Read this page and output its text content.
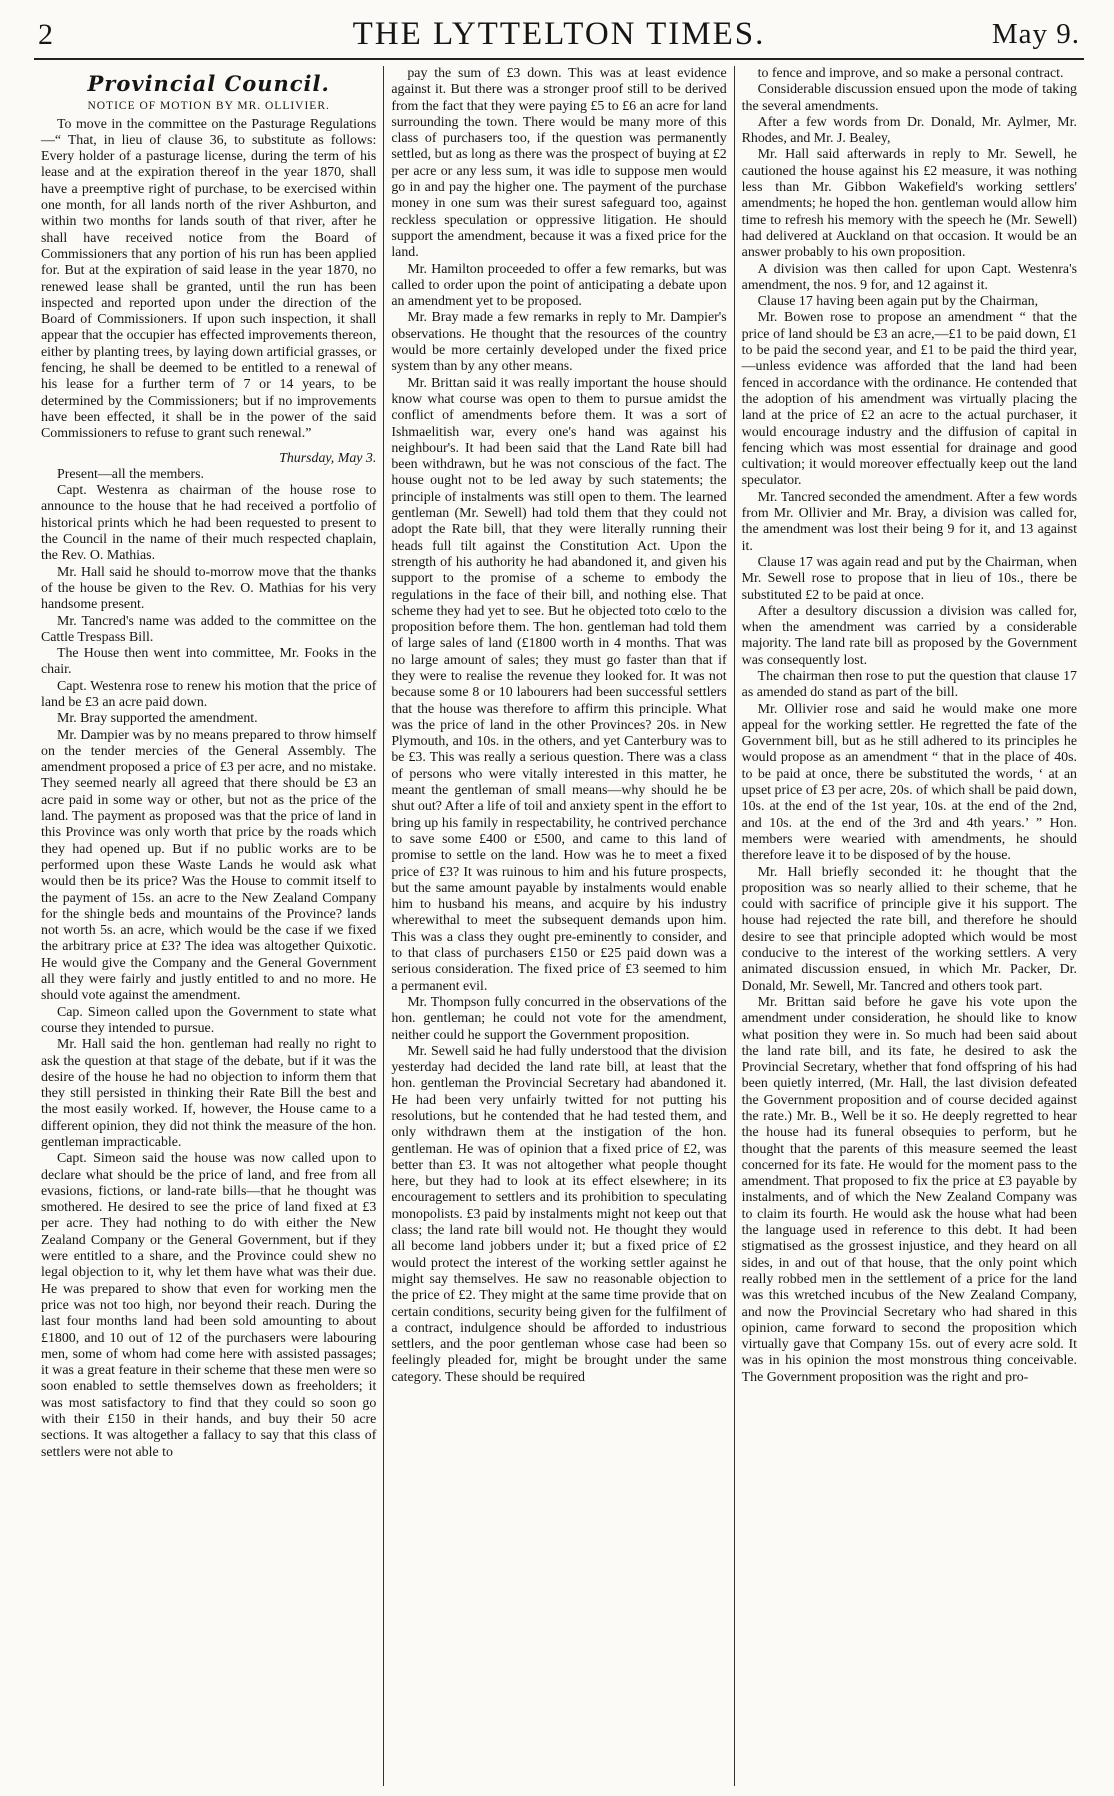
2	THE LYTTELTON TIMES.	May 9.
Provincial Council.
NOTICE OF MOTION BY MR. OLLIVIER.

To move in the committee on the Pasturage Regulations—“ That, in lieu of clause 36, to substitute as follows: Every holder of a pasturage license, during the term of his lease and at the expiration thereof in the year 1870, shall have a preemptive right of purchase, to be exercised within one month, for all lands north of the river Ashburton, and within two months for lands south of that river, after he shall have received notice from the Board of Commissioners that any portion of his run has been applied for. But at the expiration of said lease in the year 1870, no renewed lease shall be granted, until the run has been inspected and reported upon under the direction of the Board of Commissioners. If upon such inspection, it shall appear that the occupier has effected improvements thereon, either by planting trees, by laying down artificial grasses, or fencing, he shall be deemed to be entitled to a renewal of his lease for a further term of 7 or 14 years, to be determined by the Commissioners; but if no improvements have been effected, it shall be in the power of the said Commissioners to refuse to grant such renewal.”

Thursday, May 3.

Present—all the members.

Capt. Westenra as chairman of the house rose to announce to the house that he had received a portfolio of historical prints which he had been requested to present to the Council in the name of their much respected chaplain, the Rev. O. Mathias.

Mr. Hall said he should to-morrow move that the thanks of the house be given to the Rev. O. Mathias for his very handsome present.

Mr. Tancred's name was added to the committee on the Cattle Trespass Bill.

The House then went into committee, Mr. Fooks in the chair.

Capt. Westenra rose to renew his motion that the price of land be £3 an acre paid down.

Mr. Bray supported the amendment.

Mr. Dampier was by no means prepared to throw himself on the tender mercies of the General Assembly. The amendment proposed a price of £3 per acre, and no mistake. They seemed nearly all agreed that there should be £3 an acre paid in some way or other, but not as the price of the land. The payment as proposed was that the price of land in this Province was only worth that price by the roads which they had opened up. But if no public works are to be performed upon these Waste Lands he would ask what would then be its price? Was the House to commit itself to the payment of 15s. an acre to the New Zealand Company for the shingle beds and mountains of the Province? lands not worth 5s. an acre, which would be the case if we fixed the arbitrary price at £3? The idea was altogether Quixotic. He would give the Company and the General Government all they were fairly and justly entitled to and no more. He should vote against the amendment.

Cap. Simeon called upon the Government to state what course they intended to pursue.

Mr. Hall said the hon. gentleman had really no right to ask the question at that stage of the debate, but if it was the desire of the house he had no objection to inform them that they still persisted in thinking their Rate Bill the best and the most easily worked. If, however, the House came to a different opinion, they did not think the measure of the hon. gentleman impracticable.

Capt. Simeon said the house was now called upon to declare what should be the price of land, and free from all evasions, fictions, or land-rate bills—that he thought was smothered. He desired to see the price of land fixed at £3 per acre. They had nothing to do with either the New Zealand Company or the General Government, but if they were entitled to a share, and the Province could shew no legal objection to it, why let them have what was their due. He was prepared to show that even for working men the price was not too high, nor beyond their reach. During the last four months land had been sold amounting to about £1800, and 10 out of 12 of the purchasers were labouring men, some of whom had come here with assisted passages; it was a great feature in their scheme that these men were so soon enabled to settle themselves down as freeholders; it was most satisfactory to find that they could so soon go with their £150 in their hands, and buy their 50 acre sections. It was altogether a fallacy to say that this class of settlers were not able to

pay the sum of £3 down. This was at least evidence against it. But there was a stronger proof still to be derived from the fact that they were paying £5 to £6 an acre for land surrounding the town. There would be many more of this class of purchasers too, if the question was permanently settled, but as long as there was the prospect of buying at £2 per acre or any less sum, it was idle to suppose men would go in and pay the higher one. The payment of the purchase money in one sum was their surest safeguard too, against reckless speculation or oppressive litigation. He should support the amendment, because it was a fixed price for the land.

Mr. Hamilton proceeded to offer a few remarks, but was called to order upon the point of anticipating a debate upon an amendment yet to be proposed.

Mr. Bray made a few remarks in reply to Mr. Dampier's observations. He thought that the resources of the country would be more certainly developed under the fixed price system than by any other means.

Mr. Brittan said it was really important the house should know what course was open to them to pursue amidst the conflict of amendments before them. It was a sort of Ishmaelitish war, every one's hand was against his neighbour's. It had been said that the Land Rate bill had been withdrawn, but he was not conscious of the fact. The house ought not to be led away by such statements; the principle of instalments was still open to them. The learned gentleman (Mr. Sewell) had told them that they could not adopt the Rate bill, that they were literally running their heads full tilt against the Constitution Act. Upon the strength of his authority he had abandoned it, and given his support to the promise of a scheme to embody the regulations in the face of their bill, and nothing else. That scheme they had yet to see. But he objected toto cœlo to the proposition before them. The hon. gentleman had told them of large sales of land (£1800 worth in 4 months. That was no large amount of sales; they must go faster than that if they were to realise the revenue they looked for. It was not because some 8 or 10 labourers had been successful settlers that the house was therefore to affirm this principle. What was the price of land in the other Provinces? 20s. in New Plymouth, and 10s. in the others, and yet Canterbury was to be £3. This was really a serious question. There was a class of persons who were vitally interested in this matter, he meant the gentleman of small means—why should he be shut out? After a life of toil and anxiety spent in the effort to bring up his family in respectability, he contrived perchance to save some £400 or £500, and came to this land of promise to settle on the land. How was he to meet a fixed price of £3? It was ruinous to him and his future prospects, but the same amount payable by instalments would enable him to husband his means, and acquire by his industry wherewithal to meet the subsequent demands upon him. This was a class they ought pre-eminently to consider, and to that class of purchasers £150 or £25 paid down was a serious consideration. The fixed price of £3 seemed to him a permanent evil.

Mr. Thompson fully concurred in the observations of the hon. gentleman; he could not vote for the amendment, neither could he support the Government proposition.

Mr. Sewell said he had fully understood that the division yesterday had decided the land rate bill, at least that the hon. gentleman the Provincial Secretary had abandoned it. He had been very unfairly twitted for not putting his resolutions, but he contended that he had tested them, and only withdrawn them at the instigation of the hon. gentleman. He was of opinion that a fixed price of £2, was better than £3. It was not altogether what people thought here, but they had to look at its effect elsewhere; in its encouragement to settlers and its prohibition to speculating monopolists. £3 paid by instalments might not keep out that class; the land rate bill would not. He thought they would all become land jobbers under it; but a fixed price of £2 would protect the interest of the working settler against he might say themselves. He saw no reasonable objection to the price of £2. They might at the same time provide that on certain conditions, security being given for the fulfilment of a contract, indulgence should be afforded to industrious settlers, and the poor gentleman whose case had been so feelingly pleaded for, might be brought under the same category. These should be required

to fence and improve, and so make a personal contract.

Considerable discussion ensued upon the mode of taking the several amendments.

After a few words from Dr. Donald, Mr. Aylmer, Mr. Rhodes, and Mr. J. Bealey,

Mr. Hall said afterwards in reply to Mr. Sewell, he cautioned the house against his £2 measure, it was nothing less than Mr. Gibbon Wakefield's working settlers' amendments; he hoped the hon. gentleman would allow him time to refresh his memory with the speech he (Mr. Sewell) had delivered at Auckland on that occasion. It would be an answer probably to his own proposition.

A division was then called for upon Capt. Westenra's amendment, the nos. 9 for, and 12 against it.

Clause 17 having been again put by the Chairman,

Mr. Bowen rose to propose an amendment “ that the price of land should be £3 an acre,—£1 to be paid down, £1 to be paid the second year, and £1 to be paid the third year,—unless evidence was afforded that the land had been fenced in accordance with the ordinance. He contended that the adoption of his amendment was virtually placing the land at the price of £2 an acre to the actual purchaser, it would encourage industry and the diffusion of capital in fencing which was most essential for drainage and good cultivation; it would moreover effectually keep out the land speculator.

Mr. Tancred seconded the amendment. After a few words from Mr. Ollivier and Mr. Bray, a division was called for, the amendment was lost their being 9 for it, and 13 against it.

Clause 17 was again read and put by the Chairman, when Mr. Sewell rose to propose that in lieu of 10s., there be substituted £2 to be paid at once.

After a desultory discussion a division was called for, when the amendment was carried by a considerable majority. The land rate bill as proposed by the Government was consequently lost.

The chairman then rose to put the question that clause 17 as amended do stand as part of the bill.

Mr. Ollivier rose and said he would make one more appeal for the working settler. He regretted the fate of the Government bill, but as he still adhered to its principles he would propose as an amendment “ that in the place of 40s. to be paid at once, there be substituted the words, ‘ at an upset price of £3 per acre, 20s. of which shall be paid down, 10s. at the end of the 1st year, 10s. at the end of the 2nd, and 10s. at the end of the 3rd and 4th years.’ ” Hon. members were wearied with amendments, he should therefore leave it to be disposed of by the house.

Mr. Hall briefly seconded it: he thought that the proposition was so nearly allied to their scheme, that he could with sacrifice of principle give it his support. The house had rejected the rate bill, and therefore he should desire to see that principle adopted which would be most conducive to the interest of the working settlers. A very animated discussion ensued, in which Mr. Packer, Dr. Donald, Mr. Sewell, Mr. Tancred and others took part.

Mr. Brittan said before he gave his vote upon the amendment under consideration, he should like to know what position they were in. So much had been said about the land rate bill, and its fate, he desired to ask the Provincial Secretary, whether that fond offspring of his had been quietly interred, (Mr. Hall, the last division defeated the Government proposition and of course decided against the rate.) Mr. B., Well be it so. He deeply regretted to hear the house had its funeral obsequies to perform, but he thought that the parents of this measure seemed the least concerned for its fate. He would for the moment pass to the amendment. That proposed to fix the price at £3 payable by instalments, and of which the New Zealand Company was to claim its fourth. He would ask the house what had been the language used in reference to this debt. It had been stigmatised as the grossest injustice, and they heard on all sides, in and out of that house, that the only point which really robbed men in the settlement of a price for the land was this wretched incubus of the New Zealand Company, and now the Provincial Secretary who had shared in this opinion, came forward to second the proposition which virtually gave that Company 15s. out of every acre sold. It was in his opinion the most monstrous thing conceivable. The Government proposition was the right and pro-
